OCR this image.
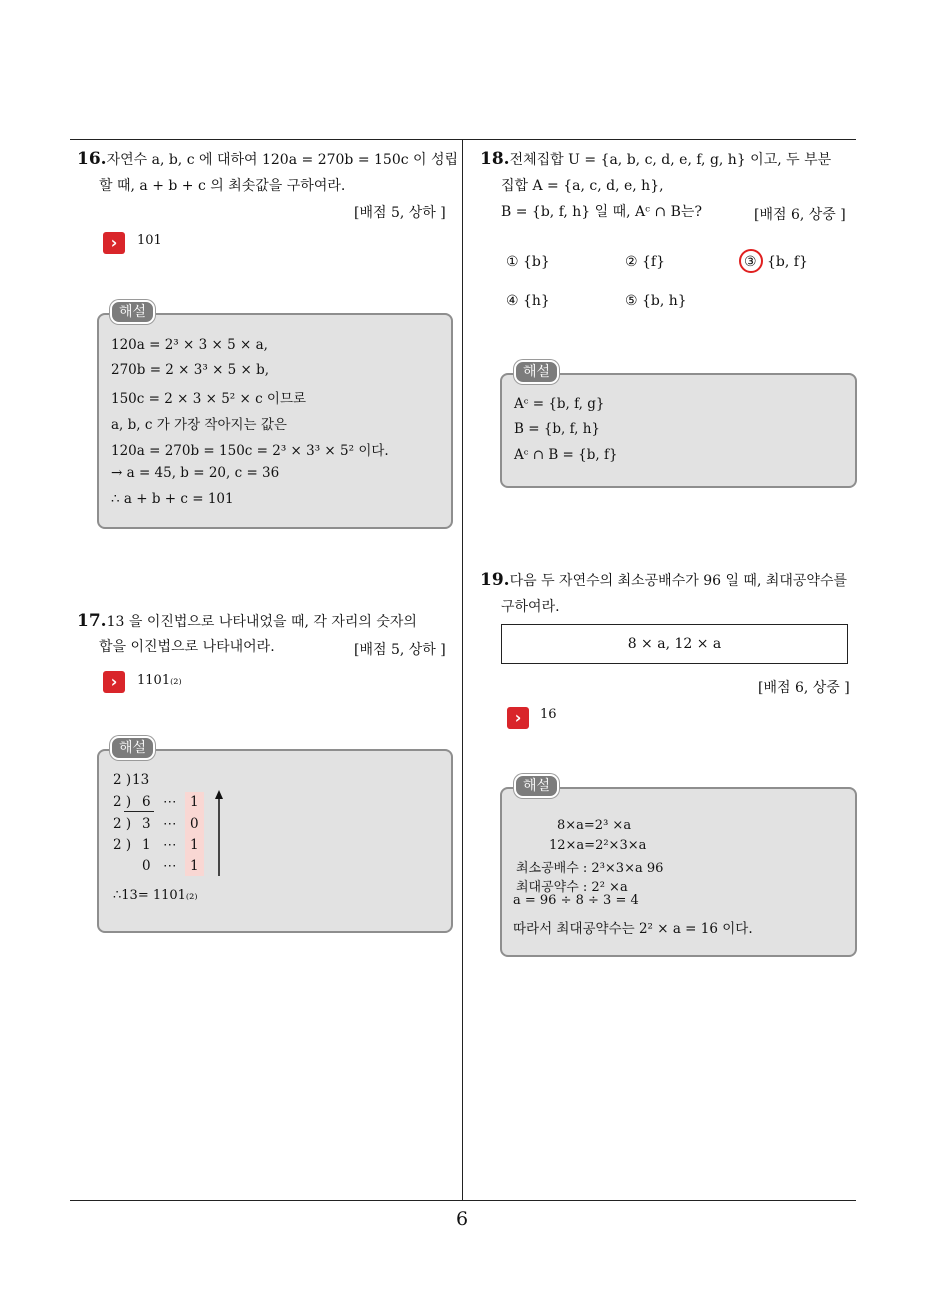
6
16.자연수 a, b, c 에 대하여 120a = 270b = 150c 이 성립
할 때, a + b + c 의 최솟값을 구하여라.
[배점 5, 상하 ]
›	101
해설
120a = 2³ × 3 × 5 × a,
270b = 2 × 3³ × 5 × b,
150c = 2 × 3 × 5² × c 이므로
a, b, c 가 가장 작아지는 값은
120a = 270b = 150c = 2³ × 3³ × 5² 이다.
→ a = 45, b = 20, c = 36
∴ a + b + c = 101
17.13 을 이진법으로 나타내었을 때, 각 자리의 숫자의
합을 이진법으로 나타내어라.	[배점 5, 상하 ]
›	1101₍₂₎
해설
2 ) 13
2 ) 6 ⋯ 1
2 ) 3 ⋯ 0
2 ) 1 ⋯ 1
0 ⋯ 1
∴13= 1101₍₂₎
18.전체집합 U = {a, b, c, d, e, f, g, h} 이고, 두 부분
집합 A = {a, c, d, e, h},
B = {b, f, h} 일 때, Aᶜ ∩ B는?	[배점 6, 상중 ]
① {b}	② {f}	③ {b, f}
④ {h}	⑤ {b, h}
해설
Aᶜ = {b, f, g}
B = {b, f, h}
Aᶜ ∩ B = {b, f}
19.다음 두 자연수의 최소공배수가 96 일 때, 최대공약수를
구하여라.
8 × a, 12 × a
[배점 6, 상중 ]
›	16
해설
8×a=2³ ×a
12×a=2²×3×a
최소공배수 : 2³×3×a 96
최대공약수 : 2² ×a
a = 96 ÷ 8 ÷ 3 = 4
따라서 최대공약수는 2² × a = 16 이다.
